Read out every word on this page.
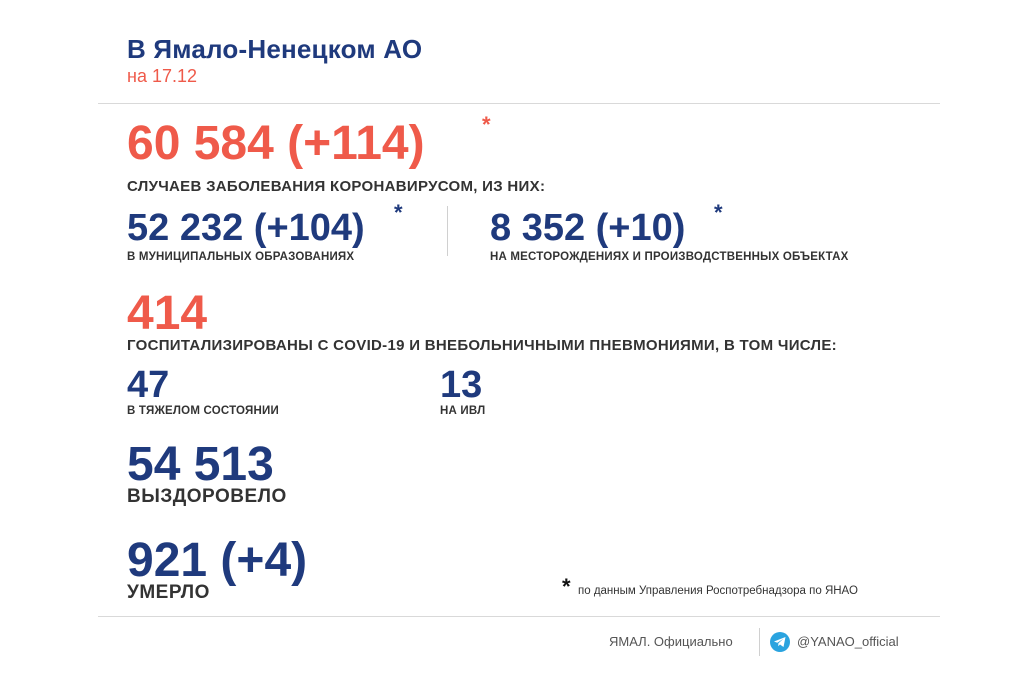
В Ямало-Ненецком АО
на 17.12
60 584 (+114)	*
СЛУЧАЕВ ЗАБОЛЕВАНИЯ КОРОНАВИРУСОМ, ИЗ НИХ:
52 232 (+104) *
В МУНИЦИПАЛЬНЫХ ОБРАЗОВАНИЯХ
8 352 (+10) *
НА МЕСТОРОЖДЕНИЯХ И ПРОИЗВОДСТВЕННЫХ ОБЪЕКТАХ
414
ГОСПИТАЛИЗИРОВАНЫ С COVID-19 И ВНЕБОЛЬНИЧНЫМИ ПНЕВМОНИЯМИ, В ТОМ ЧИСЛЕ:
47
В ТЯЖЕЛОМ СОСТОЯНИИ
13
НА ИВЛ
54 513
ВЫЗДОРОВЕЛО
921 (+4)
УМЕРЛО	* по данным Управления Роспотребнадзора по ЯНАО
ЯМАЛ. Официально	@YANAO_official
